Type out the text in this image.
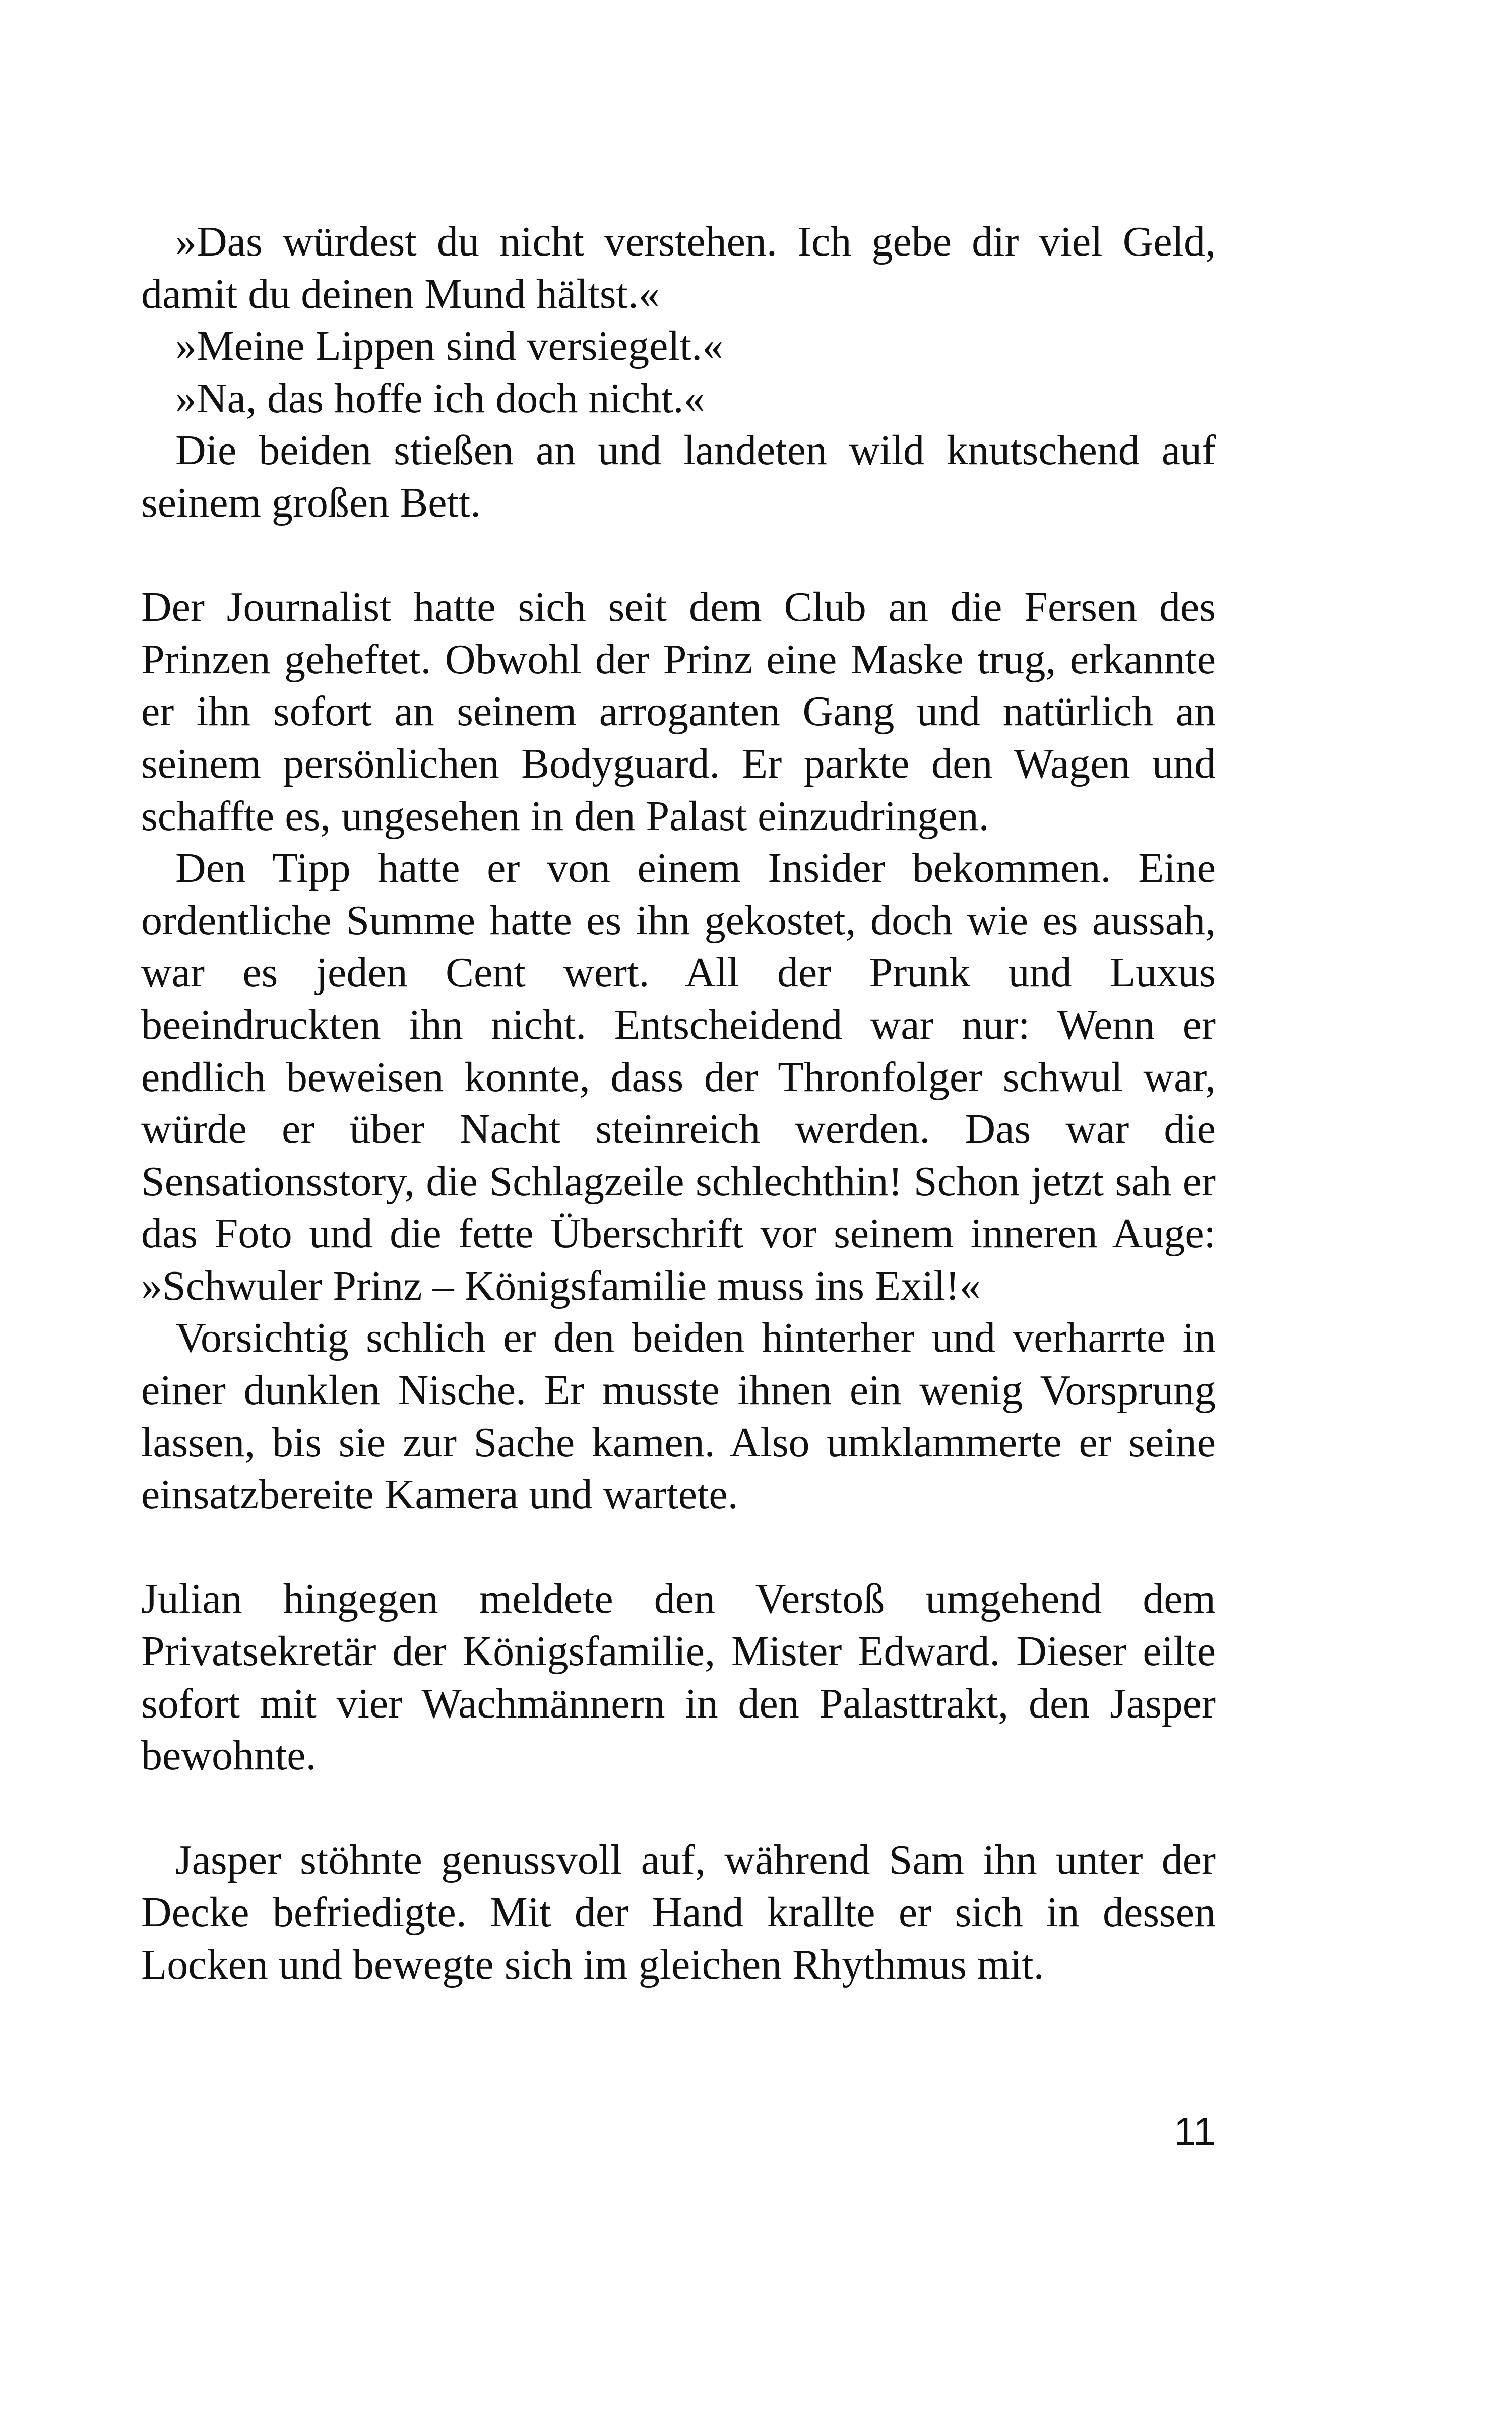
»Das würdest du nicht verstehen. Ich gebe dir viel Geld, damit du deinen Mund hältst.«

»Meine Lippen sind versiegelt.«

»Na, das hoffe ich doch nicht.«

Die beiden stießen an und landeten wild knutschend auf seinem großen Bett.

Der Journalist hatte sich seit dem Club an die Fersen des Prinzen geheftet. Obwohl der Prinz eine Maske trug, erkannte er ihn sofort an seinem arroganten Gang und natürlich an seinem persönlichen Bodyguard. Er parkte den Wagen und schaffte es, ungesehen in den Palast einzudringen.

Den Tipp hatte er von einem Insider bekommen. Eine ordentliche Summe hatte es ihn gekostet, doch wie es aussah, war es jeden Cent wert. All der Prunk und Luxus beeindruckten ihn nicht. Entscheidend war nur: Wenn er endlich beweisen konnte, dass der Thronfolger schwul war, würde er über Nacht steinreich werden. Das war die Sensationsstory, die Schlagzeile schlechthin! Schon jetzt sah er das Foto und die fette Überschrift vor seinem inneren Auge: »Schwuler Prinz – Königsfamilie muss ins Exil!«

Vorsichtig schlich er den beiden hinterher und verharrte in einer dunklen Nische. Er musste ihnen ein wenig Vorsprung lassen, bis sie zur Sache kamen. Also umklammerte er seine einsatzbereite Kamera und wartete.

Julian hingegen meldete den Verstoß umgehend dem Privatsekretär der Königsfamilie, Mister Edward. Dieser eilte sofort mit vier Wachmännern in den Palasttrakt, den Jasper bewohnte.

Jasper stöhnte genussvoll auf, während Sam ihn unter der Decke befriedigte. Mit der Hand krallte er sich in dessen Locken und bewegte sich im gleichen Rhythmus mit.

11
